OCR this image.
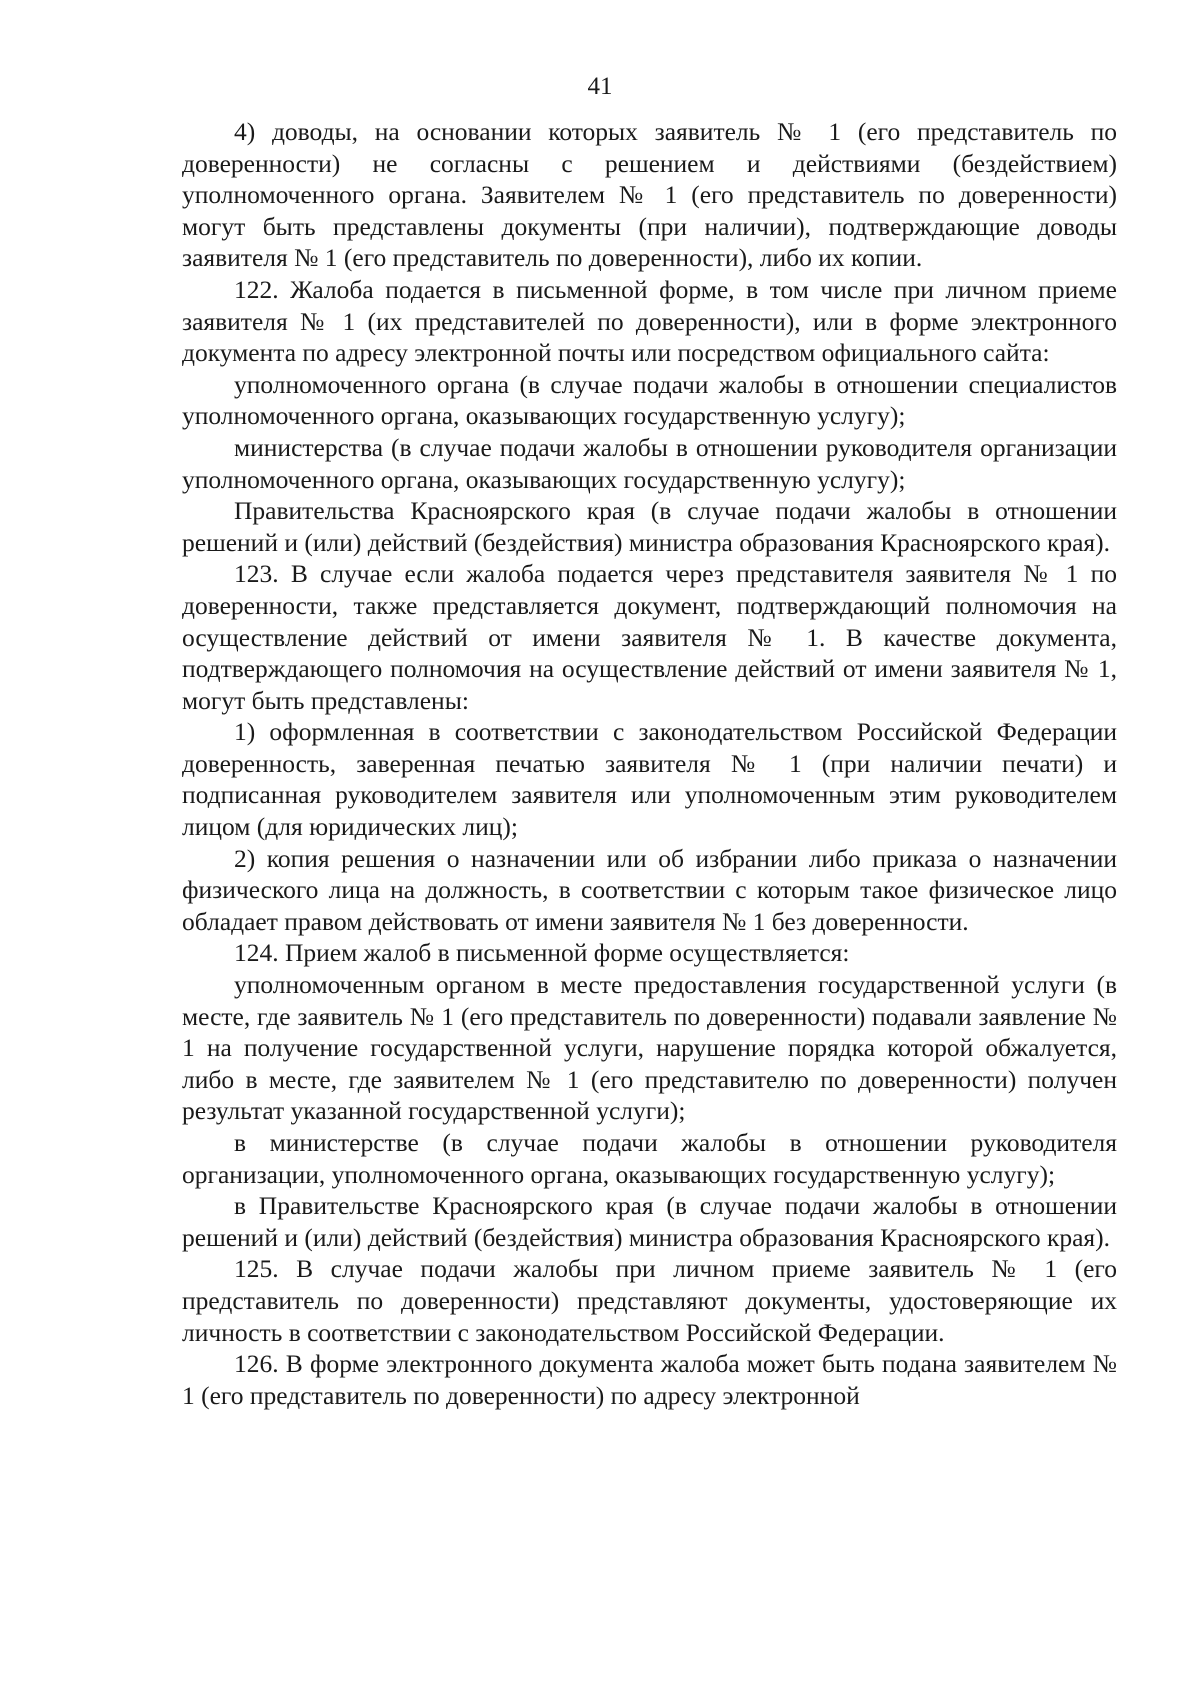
41

4) доводы, на основании которых заявитель № 1 (его представитель по доверенности) не согласны с решением и действиями (бездействием) уполномоченного органа. Заявителем № 1 (его представитель по доверенности) могут быть представлены документы (при наличии), подтверждающие доводы заявителя № 1 (его представитель по доверенности), либо их копии.

122. Жалоба подается в письменной форме, в том числе при личном приеме заявителя № 1 (их представителей по доверенности), или в форме электронного документа по адресу электронной почты или посредством официального сайта:

уполномоченного органа (в случае подачи жалобы в отношении специалистов уполномоченного органа, оказывающих государственную услугу);

министерства (в случае подачи жалобы в отношении руководителя организации уполномоченного органа, оказывающих государственную услугу);

Правительства Красноярского края (в случае подачи жалобы в отношении решений и (или) действий (бездействия) министра образования Красноярского края).

123. В случае если жалоба подается через представителя заявителя № 1 по доверенности, также представляется документ, подтверждающий полномочия на осуществление действий от имени заявителя № 1. В качестве документа, подтверждающего полномочия на осуществление действий от имени заявителя № 1, могут быть представлены:

1) оформленная в соответствии с законодательством Российской Федерации доверенность, заверенная печатью заявителя № 1 (при наличии печати) и подписанная руководителем заявителя или уполномоченным этим руководителем лицом (для юридических лиц);

2) копия решения о назначении или об избрании либо приказа о назначении физического лица на должность, в соответствии с которым такое физическое лицо обладает правом действовать от имени заявителя № 1 без доверенности.

124. Прием жалоб в письменной форме осуществляется:

уполномоченным органом в месте предоставления государственной услуги (в месте, где заявитель № 1 (его представитель по доверенности) подавали заявление № 1 на получение государственной услуги, нарушение порядка которой обжалуется, либо в месте, где заявителем № 1 (его представителю по доверенности) получен результат указанной государственной услуги);

в министерстве (в случае подачи жалобы в отношении руководителя организации, уполномоченного органа, оказывающих государственную услугу);

в Правительстве Красноярского края (в случае подачи жалобы в отношении решений и (или) действий (бездействия) министра образования Красноярского края).

125. В случае подачи жалобы при личном приеме заявитель № 1 (его представитель по доверенности) представляют документы, удостоверяющие их личность в соответствии с законодательством Российской Федерации.

126. В форме электронного документа жалоба может быть подана заявителем № 1 (его представитель по доверенности) по адресу электронной
